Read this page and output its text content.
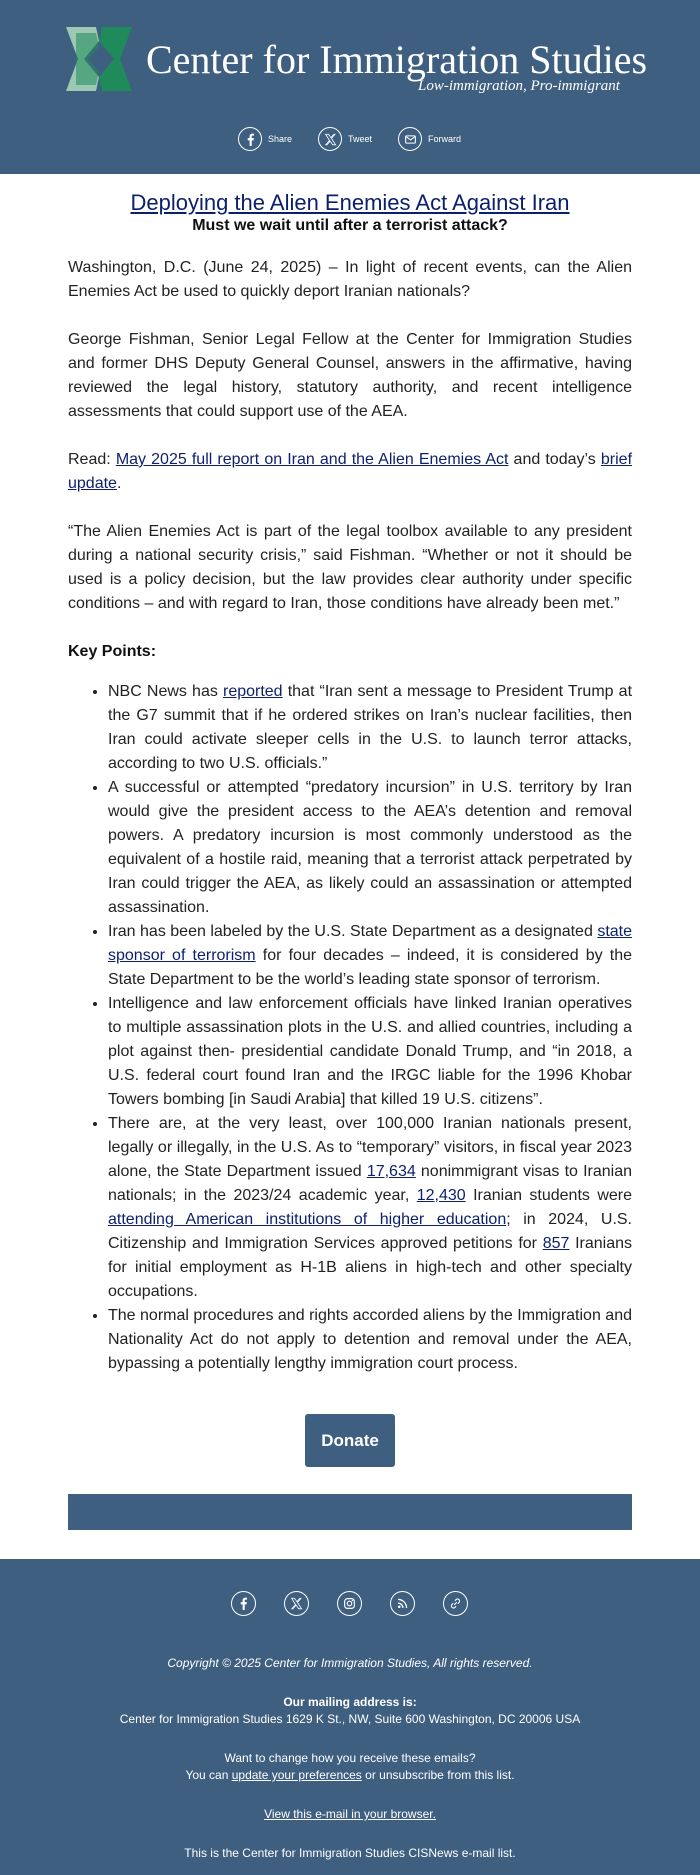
Center for Immigration Studies
Low-immigration, Pro-immigrant
Share	Tweet	Forward
Deploying the Alien Enemies Act Against Iran
Must we wait until after a terrorist attack?

Washington, D.C. (June 24, 2025) – In light of recent events, can the Alien Enemies Act be used to quickly deport Iranian nationals?

George Fishman, Senior Legal Fellow at the Center for Immigration Studies and former DHS Deputy General Counsel, answers in the affirmative, having reviewed the legal history, statutory authority, and recent intelligence assessments that could support use of the AEA.

Read: May 2025 full report on Iran and the Alien Enemies Act and today’s brief update.

“The Alien Enemies Act is part of the legal toolbox available to any president during a national security crisis,” said Fishman. “Whether or not it should be used is a policy decision, but the law provides clear authority under specific conditions – and with regard to Iran, those conditions have already been met.”

Key Points:
• NBC News has reported that “Iran sent a message to President Trump at the G7 summit that if he ordered strikes on Iran’s nuclear facilities, then Iran could activate sleeper cells in the U.S. to launch terror attacks, according to two U.S. officials.”
• A successful or attempted “predatory incursion” in U.S. territory by Iran would give the president access to the AEA’s detention and removal powers. A predatory incursion is most commonly understood as the equivalent of a hostile raid, meaning that a terrorist attack perpetrated by Iran could trigger the AEA, as likely could an assassination or attempted assassination.
• Iran has been labeled by the U.S. State Department as a designated state sponsor of terrorism for four decades – indeed, it is considered by the State Department to be the world’s leading state sponsor of terrorism.
• Intelligence and law enforcement officials have linked Iranian operatives to multiple assassination plots in the U.S. and allied countries, including a plot against then- presidential candidate Donald Trump, and “in 2018, a U.S. federal court found Iran and the IRGC liable for the 1996 Khobar Towers bombing [in Saudi Arabia] that killed 19 U.S. citizens”.
• There are, at the very least, over 100,000 Iranian nationals present, legally or illegally, in the U.S. As to “temporary” visitors, in fiscal year 2023 alone, the State Department issued 17,634 nonimmigrant visas to Iranian nationals; in the 2023/24 academic year, 12,430 Iranian students were attending American institutions of higher education; in 2024, U.S. Citizenship and Immigration Services approved petitions for 857 Iranians for initial employment as H-1B aliens in high-tech and other specialty occupations.
• The normal procedures and rights accorded aliens by the Immigration and Nationality Act do not apply to detention and removal under the AEA, bypassing a potentially lengthy immigration court process.
Donate
Copyright © 2025 Center for Immigration Studies, All rights reserved.
Our mailing address is:
Center for Immigration Studies 1629 K St., NW, Suite 600 Washington, DC 20006 USA
Want to change how you receive these emails?
You can update your preferences or unsubscribe from this list.
View this e-mail in your browser.
This is the Center for Immigration Studies CISNews e-mail list.
